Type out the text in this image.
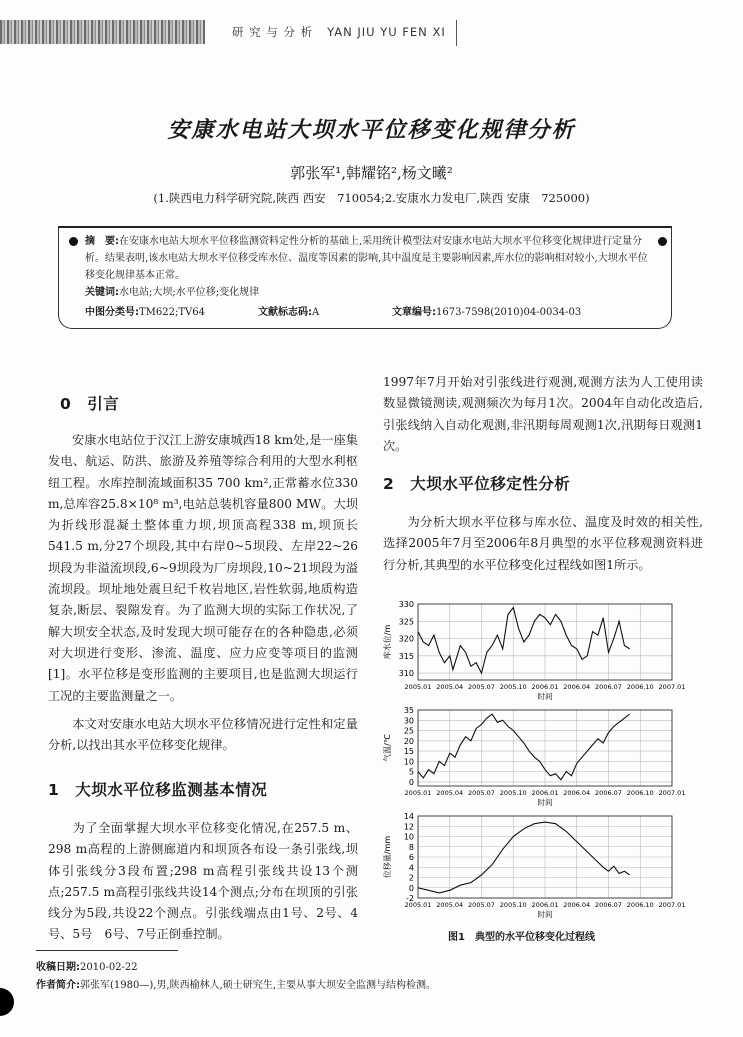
研 究 与 分 析 YAN JIU YU FEN XI
安康水电站大坝水平位移变化规律分析
郭张军¹,韩耀铭²,杨文曦²
(1.陕西电力科学研究院,陕西 西安　710054;2.安康水力发电厂,陕西 安康　725000)
摘　要:在安康水电站大坝水平位移监测资料定性分析的基础上,采用统计模型法对安康水电站大坝水平位移变化规律进行定量分析。结果表明,该水电站大坝水平位移受库水位、温度等因素的影响,其中温度是主要影响因素,库水位的影响相对较小,大坝水平位移变化规律基本正常。
关键词:水电站;大坝;水平位移;变化规律
中图分类号:TM622;TV64	文献标志码:A	文章编号:1673-7598(2010)04-0034-03
0　引言
安康水电站位于汉江上游安康城西18 km处,是一座集发电、航运、防洪、旅游及养殖等综合利用的大型水利枢纽工程。水库控制流域面积35 700 km²,正常蓄水位330 m,总库容25.8×10⁸ m³,电站总装机容量800 MW。大坝为折线形混凝土整体重力坝,坝顶高程338 m,坝顶长541.5 m,分27个坝段,其中右岸0~5坝段、左岸22~26坝段为非溢流坝段,6~9坝段为厂房坝段,10~21坝段为溢流坝段。坝址地处震旦纪千枚岩地区,岩性软弱,地质构造复杂,断层、裂隙发育。为了监测大坝的实际工作状况,了解大坝安全状态,及时发现大坝可能存在的各种隐患,必须对大坝进行变形、渗流、温度、应力应变等项目的监测[1]。水平位移是变形监测的主要项目,也是监测大坝运行工况的主要监测量之一。
本文对安康水电站大坝水平位移情况进行定性和定量分析,以找出其水平位移变化规律。
1　大坝水平位移监测基本情况
为了全面掌握大坝水平位移变化情况,在257.5 m、298 m高程的上游侧廊道内和坝顶各布设一条引张线,坝体引张线分3段布置;298 m高程引张线共设13个测点;257.5 m高程引张线共设14个测点;分布在坝顶的引张线分为5段,共设22个测点。引张线端点由1号、2号、4号、5号　6号、7号正倒垂控制。
1997年7月开始对引张线进行观测,观测方法为人工使用读数显微镜测读,观测频次为每月1次。2004年自动化改造后,引张线纳入自动化观测,非汛期每周观测1次,汛期每日观测1次。
2　大坝水平位移定性分析
为分析大坝水平位移与库水位、温度及时效的相关性,选择2005年7月至2006年8月典型的水平位移观测资料进行分析,其典型的水平位移变化过程线如图1所示。
310
315
320
325
330
2005.01 2005.04 2005.07 2005.10 2006.01 2006.04 2006.07 2006.10 2007.01
时间
库水位/m
0
5
10
15
20
25
30
35
2005.01 2005.04 2005.07 2005.10 2006.01 2006.04 2006.07 2006.10 2007.01
时间
气温/℃
-2
0
2
4
6
8
10
12
14
2005.01 2005.04 2005.07 2005.10 2006.01 2006.04 2006.07 2006.10 2007.01
时间
位移量/mm
图1　典型的水平位移变化过程线
收稿日期:2010-02-22
作者简介:郭张军(1980—),男,陕西榆林人,硕士研究生,主要从事大坝安全监测与结构检测。
